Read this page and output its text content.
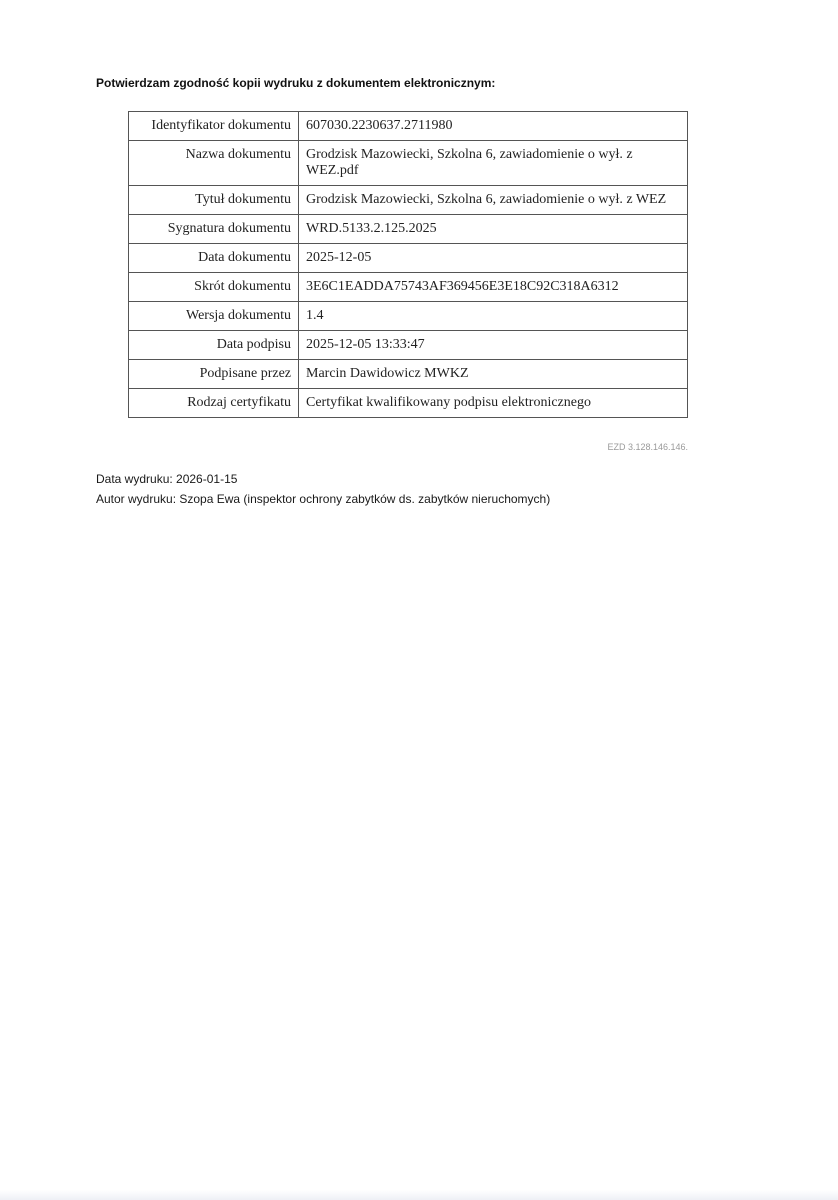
Potwierdzam zgodność kopii wydruku z dokumentem elektronicznym:
Identyfikator dokumentu	607030.2230637.2711980
Nazwa dokumentu	Grodzisk Mazowiecki, Szkolna 6, zawiadomienie o wył. z WEZ.pdf
Tytuł dokumentu	Grodzisk Mazowiecki, Szkolna 6, zawiadomienie o wył. z WEZ
Sygnatura dokumentu	WRD.5133.2.125.2025
Data dokumentu	2025-12-05
Skrót dokumentu	3E6C1EADDA75743AF369456E3E18C92C318A6312
Wersja dokumentu	1.4
Data podpisu	2025-12-05 13:33:47
Podpisane przez	Marcin Dawidowicz MWKZ
Rodzaj certyfikatu	Certyfikat kwalifikowany podpisu elektronicznego
EZD 3.128.146.146.
Data wydruku: 2026-01-15
Autor wydruku: Szopa Ewa (inspektor ochrony zabytków ds. zabytków nieruchomych)
